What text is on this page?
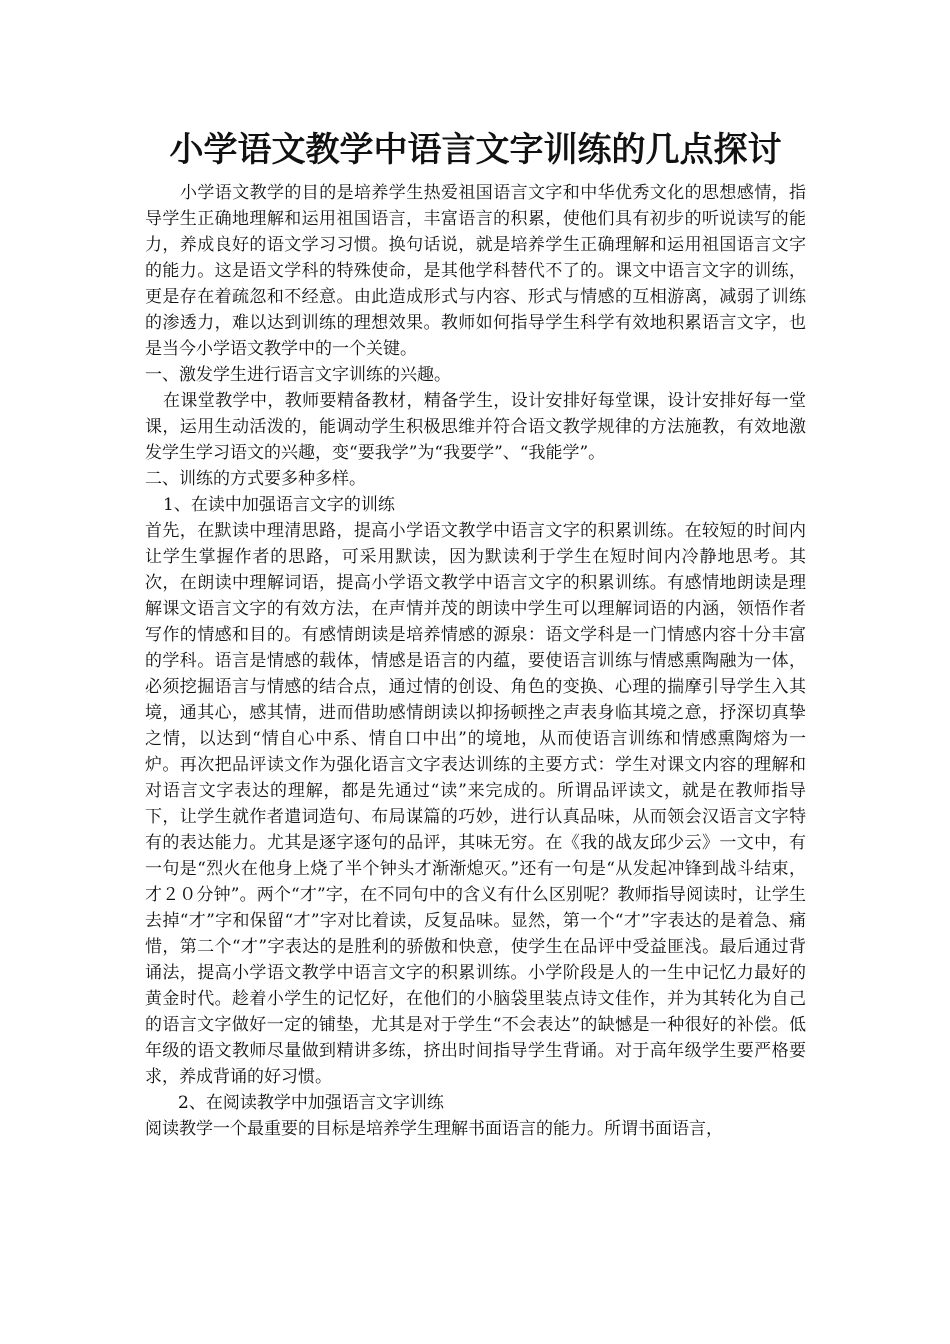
小学语文教学中语言文字训练的几点探讨

小学语文教学的目的是培养学生热爱祖国语言文字和中华优秀文化的思想感情，指导学生正确地理解和运用祖国语言，丰富语言的积累，使他们具有初步的听说读写的能力，养成良好的语文学习习惯。换句话说，就是培养学生正确理解和运用祖国语言文字的能力。这是语文学科的特殊使命，是其他学科替代不了的。课文中语言文字的训练，更是存在着疏忽和不经意。由此造成形式与内容、形式与情感的互相游离，减弱了训练的渗透力，难以达到训练的理想效果。教师如何指导学生科学有效地积累语言文字，也是当今小学语文教学中的一个关键。

一、激发学生进行语言文字训练的兴趣。

在课堂教学中，教师要精备教材，精备学生，设计安排好每堂课，设计安排好每一堂课，运用生动活泼的，能调动学生积极思维并符合语文教学规律的方法施教，有效地激发学生学习语文的兴趣，变“要我学”为“我要学”、“我能学”。

二、训练的方式要多种多样。

1、在读中加强语言文字的训练

首先，在默读中理清思路，提高小学语文教学中语言文字的积累训练。在较短的时间内让学生掌握作者的思路，可采用默读，因为默读利于学生在短时间内冷静地思考。其次，在朗读中理解词语，提高小学语文教学中语言文字的积累训练。有感情地朗读是理解课文语言文字的有效方法，在声情并茂的朗读中学生可以理解词语的内涵，领悟作者写作的情感和目的。有感情朗读是培养情感的源泉：语文学科是一门情感内容十分丰富的学科。语言是情感的载体，情感是语言的内蕴，要使语言训练与情感熏陶融为一体，必须挖掘语言与情感的结合点，通过情的创设、角色的变换、心理的揣摩引导学生入其境，通其心，感其情，进而借助感情朗读以抑扬顿挫之声表身临其境之意，抒深切真挚之情，以达到“情自心中系、情自口中出”的境地，从而使语言训练和情感熏陶熔为一炉。再次把品评读文作为强化语言文字表达训练的主要方式：学生对课文内容的理解和对语言文字表达的理解，都是先通过“读”来完成的。所谓品评读文，就是在教师指导下，让学生就作者遣词造句、布局谋篇的巧妙，进行认真品味，从而领会汉语言文字特有的表达能力。尤其是逐字逐句的品评，其味无穷。在《我的战友邱少云》一文中，有一句是“烈火在他身上烧了半个钟头才渐渐熄灭。”还有一句是“从发起冲锋到战斗结束，才２０分钟”。两个“才”字，在不同句中的含义有什么区别呢？教师指导阅读时，让学生去掉“才”字和保留“才”字对比着读，反复品味。显然，第一个“才”字表达的是着急、痛惜，第二个“才”字表达的是胜利的骄傲和快意，使学生在品评中受益匪浅。最后通过背诵法，提高小学语文教学中语言文字的积累训练。小学阶段是人的一生中记忆力最好的黄金时代。趁着小学生的记忆好，在他们的小脑袋里装点诗文佳作，并为其转化为自己的语言文字做好一定的铺垫，尤其是对于学生“不会表达”的缺憾是一种很好的补偿。低年级的语文教师尽量做到精讲多练，挤出时间指导学生背诵。对于高年级学生要严格要求，养成背诵的好习惯。

2、在阅读教学中加强语言文字训练

阅读教学一个最重要的目标是培养学生理解书面语言的能力。所谓书面语言，
